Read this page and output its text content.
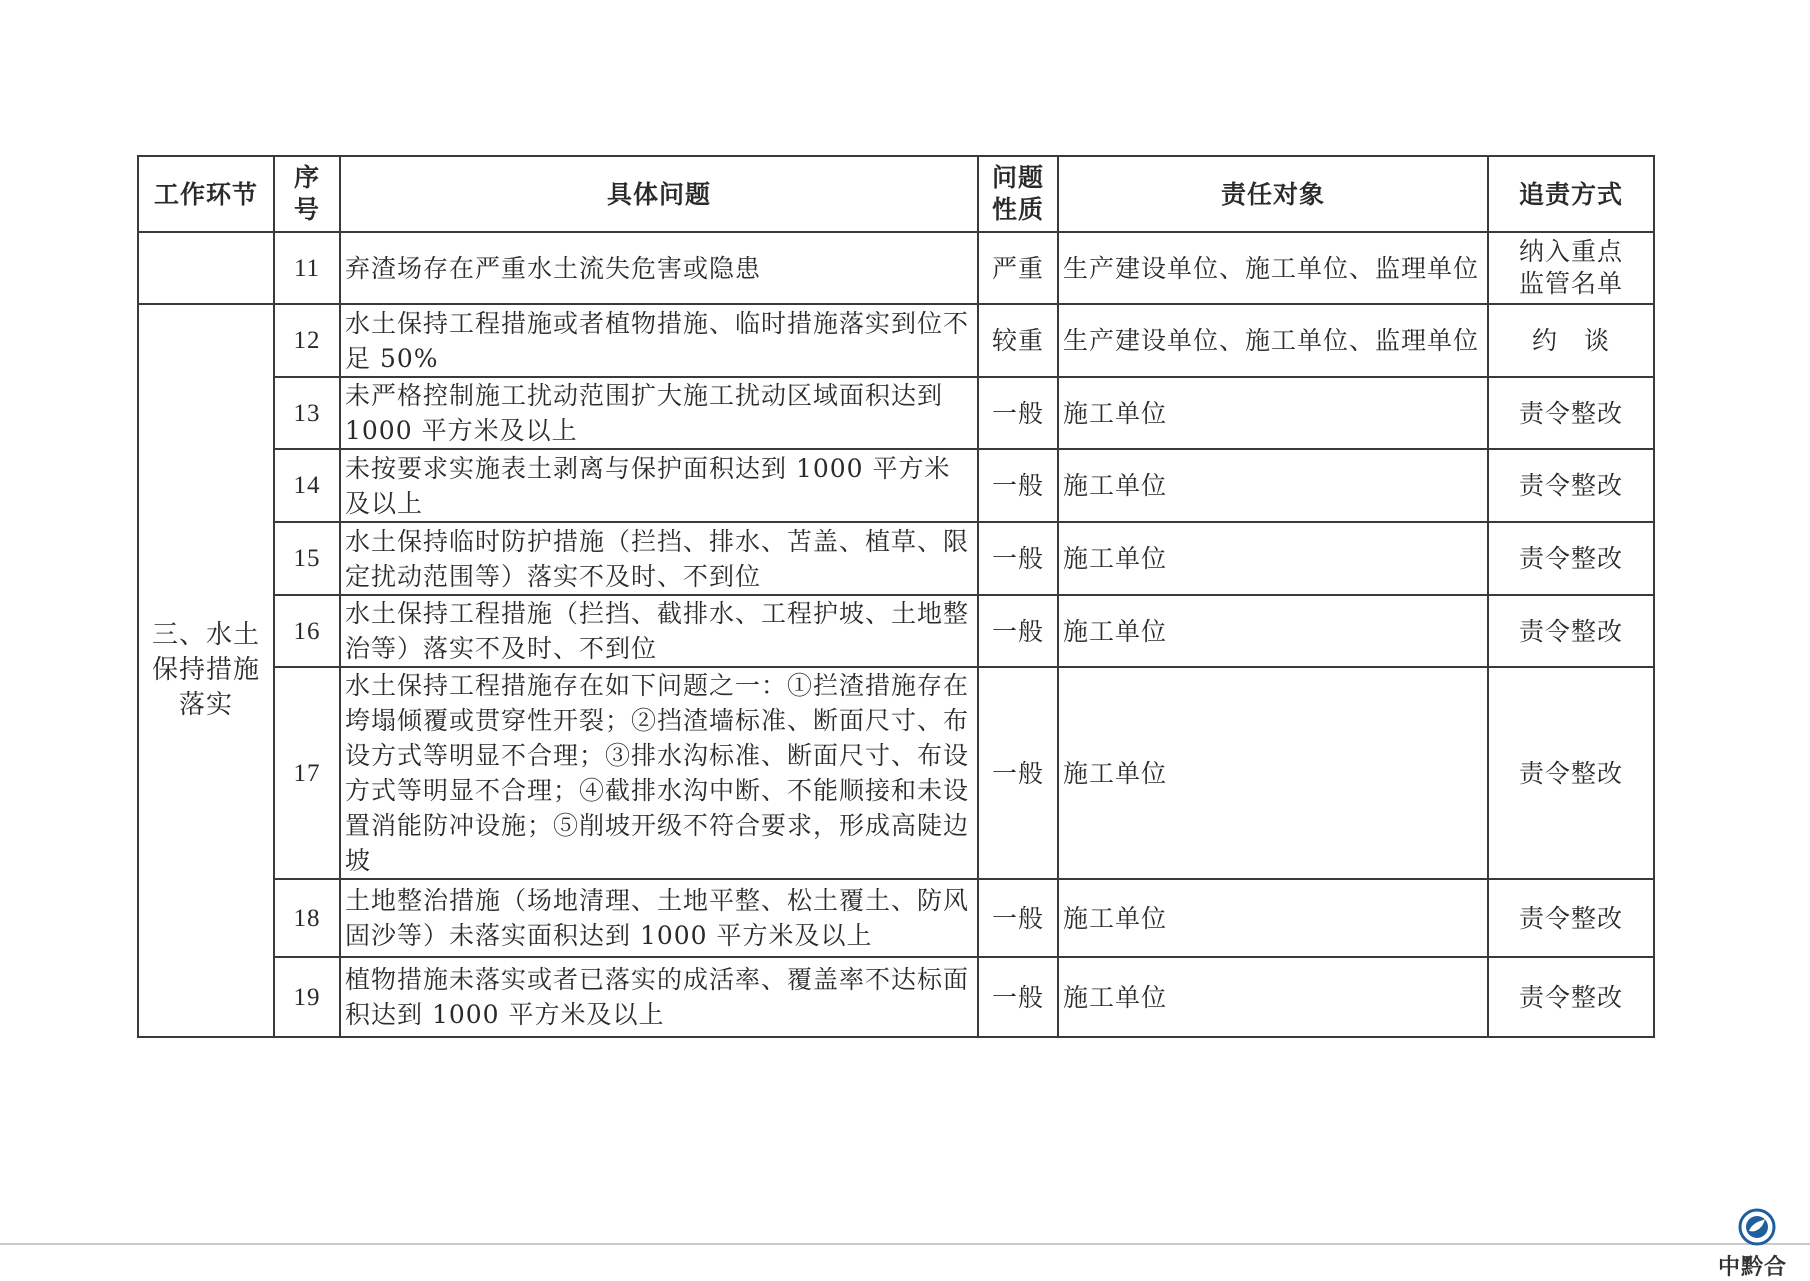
工作环节	序号	具体问题	问题性质	责任对象	追责方式
	11	弃渣场存在严重水土流失危害或隐患	严重	生产建设单位、施工单位、监理单位	纳入重点监管名单
三、水土保持措施落实	12	水土保持工程措施或者植物措施、临时措施落实到位不足 50%	较重	生产建设单位、施工单位、监理单位	约　谈
	13	未严格控制施工扰动范围扩大施工扰动区域面积达到 1000 平方米及以上	一般	施工单位	责令整改
	14	未按要求实施表土剥离与保护面积达到 1000 平方米及以上	一般	施工单位	责令整改
	15	水土保持临时防护措施（拦挡、排水、苫盖、植草、限定扰动范围等）落实不及时、不到位	一般	施工单位	责令整改
	16	水土保持工程措施（拦挡、截排水、工程护坡、土地整治等）落实不及时、不到位	一般	施工单位	责令整改
	17	水土保持工程措施存在如下问题之一：①拦渣措施存在垮塌倾覆或贯穿性开裂；②挡渣墙标准、断面尺寸、布设方式等明显不合理；③排水沟标准、断面尺寸、布设方式等明显不合理；④截排水沟中断、不能顺接和未设置消能防冲设施；⑤削坡开级不符合要求，形成高陡边坡	一般	施工单位	责令整改
	18	土地整治措施（场地清理、土地平整、松土覆土、防风固沙等）未落实面积达到 1000 平方米及以上	一般	施工单位	责令整改
	19	植物措施未落实或者已落实的成活率、覆盖率不达标面积达到 1000 平方米及以上	一般	施工单位	责令整改
中黔合
